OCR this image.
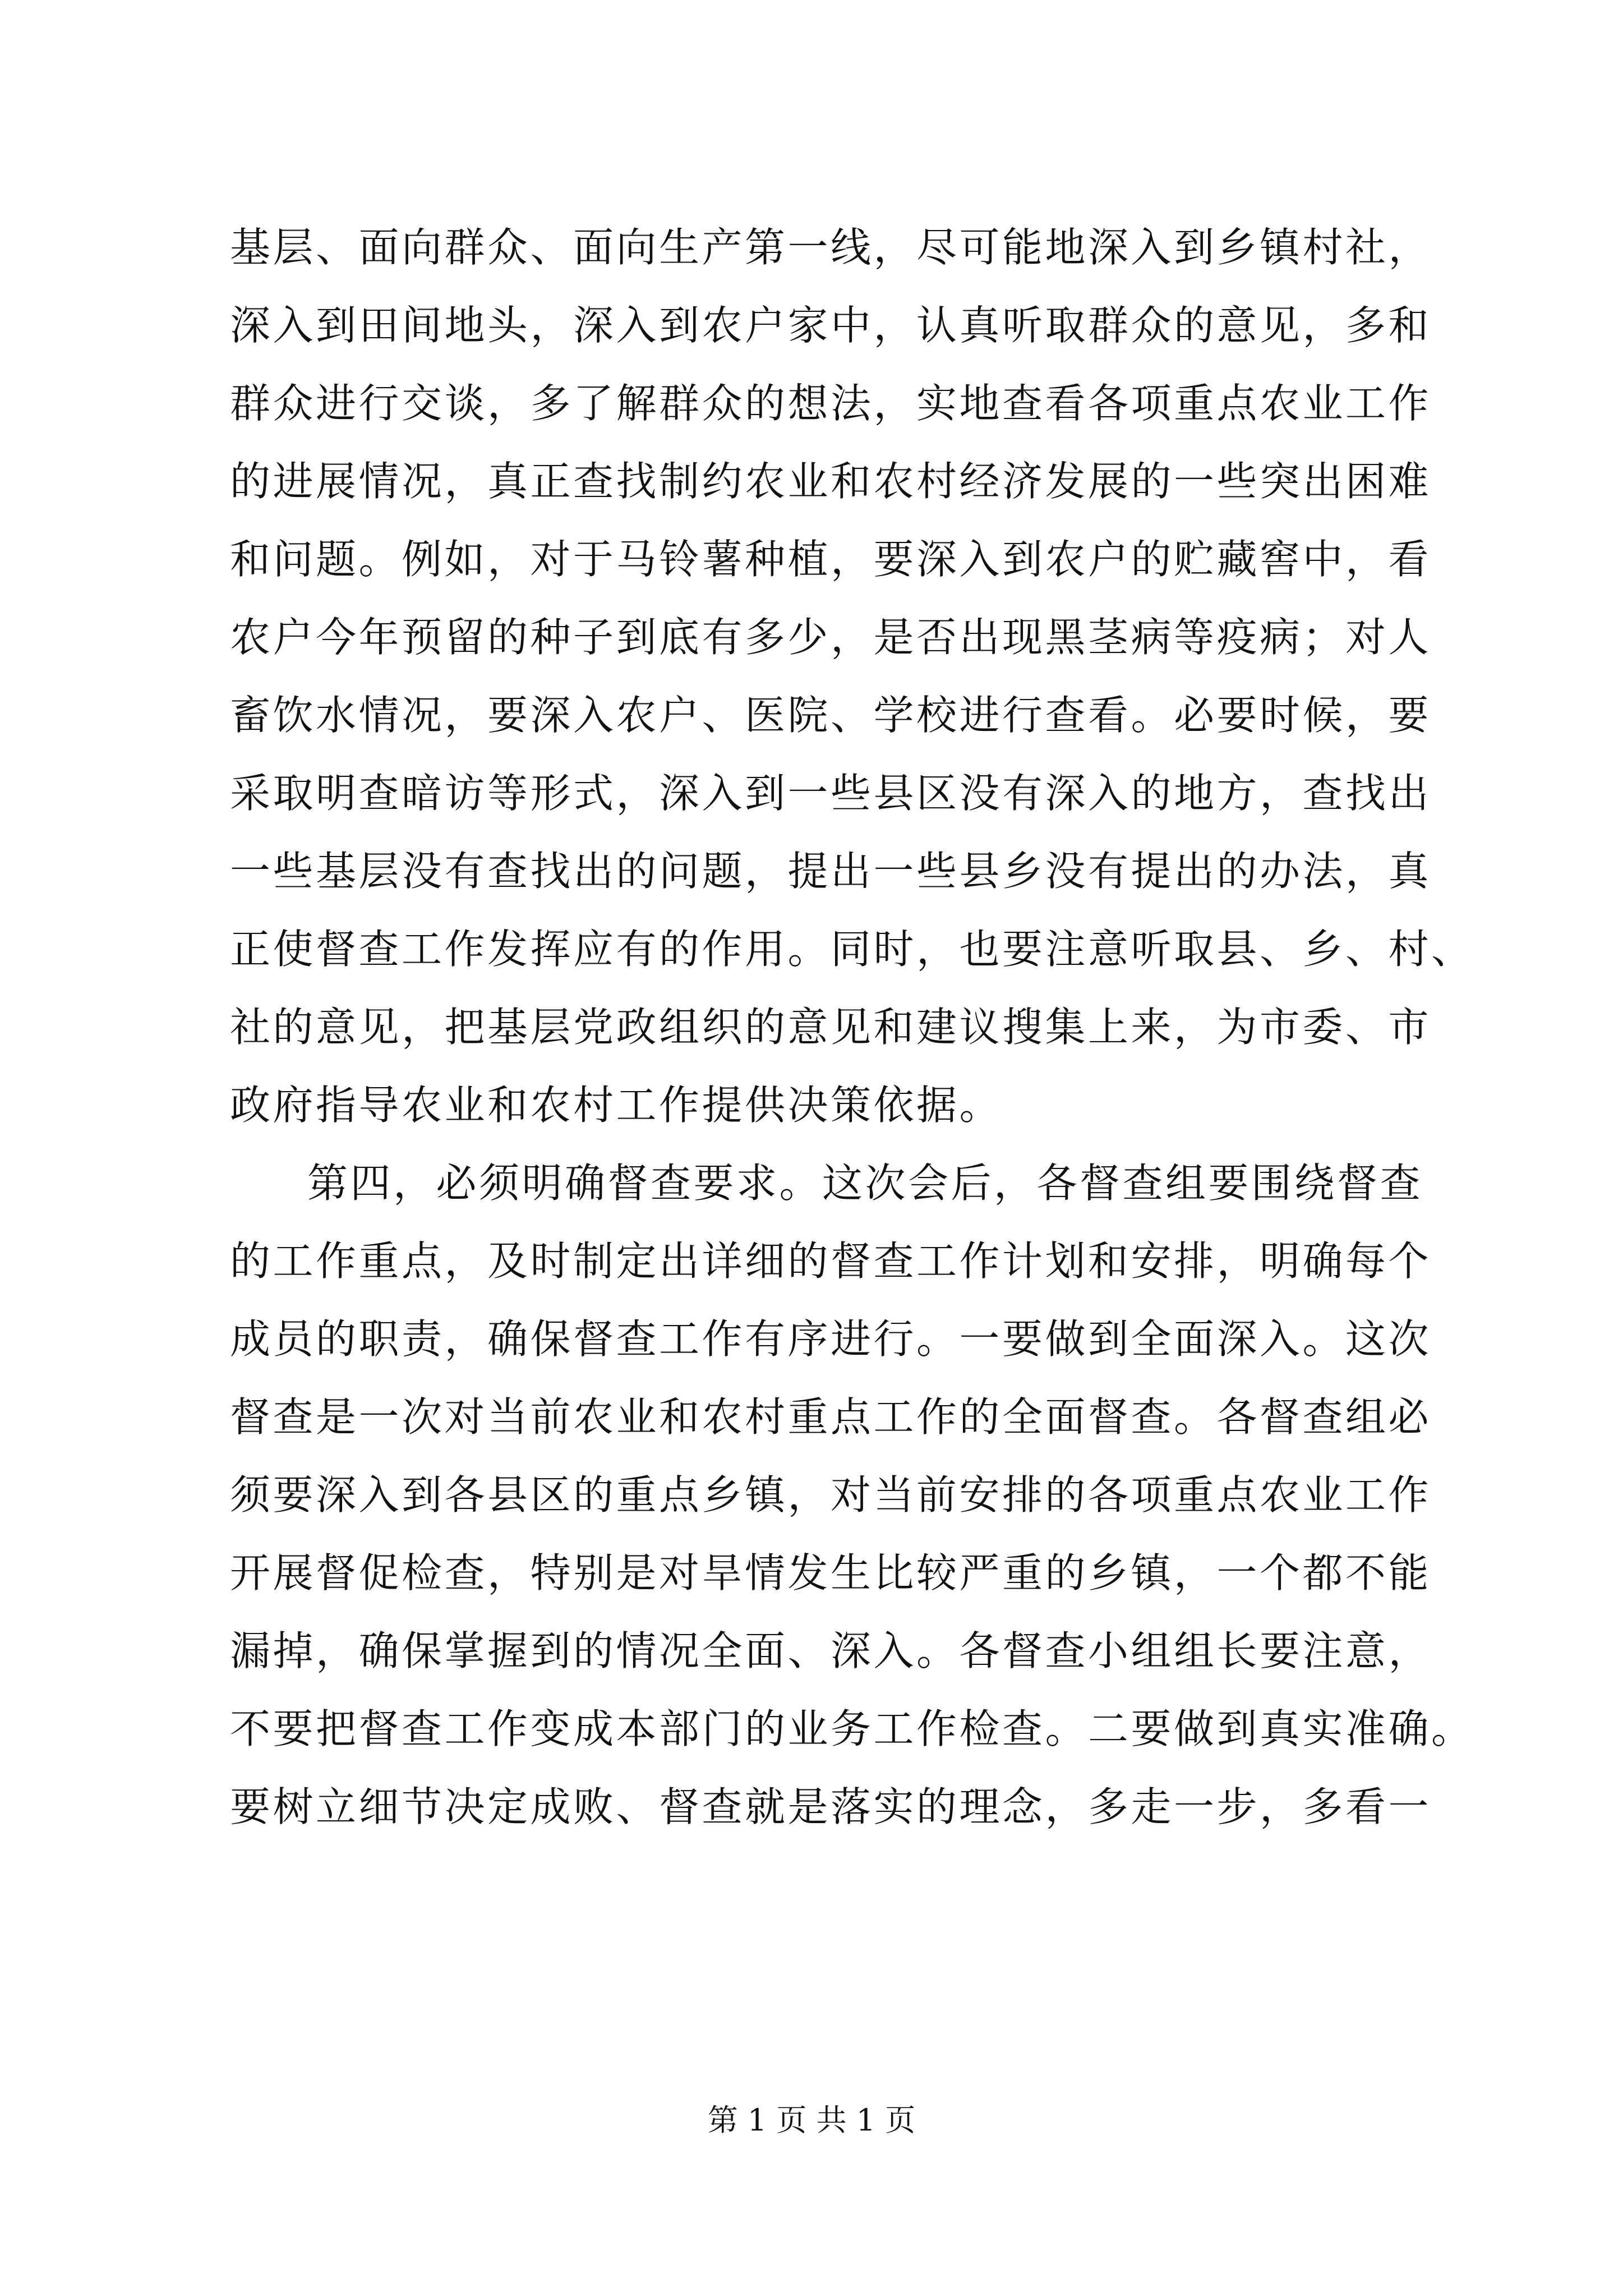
基层、面向群众、面向生产第一线，尽可能地深入到乡镇村社，
深入到田间地头，深入到农户家中，认真听取群众的意见，多和
群众进行交谈，多了解群众的想法，实地查看各项重点农业工作
的进展情况，真正查找制约农业和农村经济发展的一些突出困难
和问题。例如，对于马铃薯种植，要深入到农户的贮藏窖中，看
农户今年预留的种子到底有多少，是否出现黑茎病等疫病；对人
畜饮水情况，要深入农户、医院、学校进行查看。必要时候，要
采取明查暗访等形式，深入到一些县区没有深入的地方，查找出
一些基层没有查找出的问题，提出一些县乡没有提出的办法，真
正使督查工作发挥应有的作用。同时，也要注意听取县、乡、村、
社的意见，把基层党政组织的意见和建议搜集上来，为市委、市
政府指导农业和农村工作提供决策依据。
第四，必须明确督查要求。这次会后，各督查组要围绕督查
的工作重点，及时制定出详细的督查工作计划和安排，明确每个
成员的职责，确保督查工作有序进行。一要做到全面深入。这次
督查是一次对当前农业和农村重点工作的全面督查。各督查组必
须要深入到各县区的重点乡镇，对当前安排的各项重点农业工作
开展督促检查，特别是对旱情发生比较严重的乡镇，一个都不能
漏掉，确保掌握到的情况全面、深入。各督查小组组长要注意，
不要把督查工作变成本部门的业务工作检查。二要做到真实准确。
要树立细节决定成败、督查就是落实的理念，多走一步，多看一
第 1 页 共 1 页
